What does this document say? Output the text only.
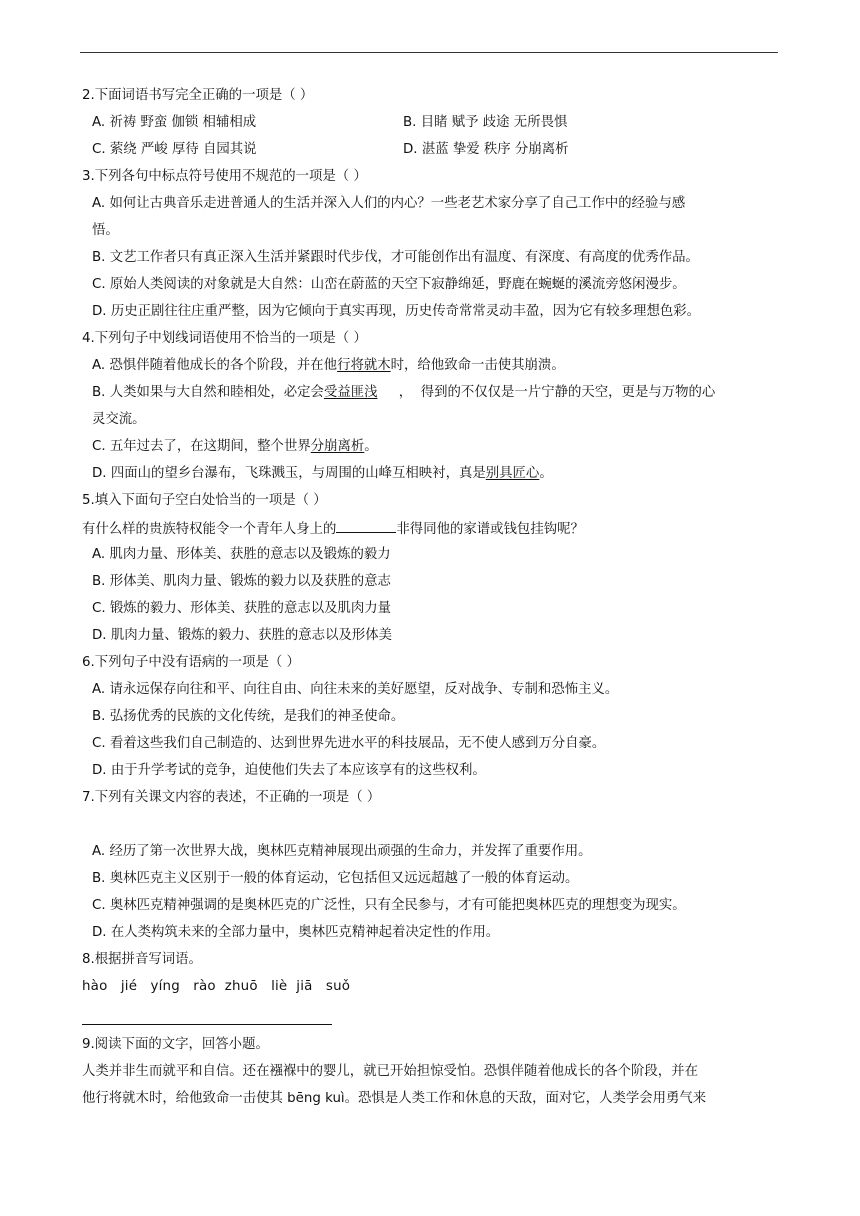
2.下面词语书写完全正确的一项是（ ）
A. 祈祷 野蛮 伽锁 相辅相成	B. 目睹 赋予 歧途 无所畏惧
C. 萦绕 严峻 厚待 自园其说	D. 湛蓝 挚爱 秩序 分崩离析
3.下列各句中标点符号使用不规范的一项是（ ）
A. 如何让古典音乐走进普通人的生活并深入人们的内心？一些老艺术家分享了自己工作中的经验与感
悟。
B. 文艺工作者只有真正深入生活并紧跟时代步伐，才可能创作出有温度、有深度、有高度的优秀作品。
C. 原始人类阅读的对象就是大自然：山峦在蔚蓝的天空下寂静绵延，野鹿在蜿蜒的溪流旁悠闲漫步。
D. 历史正剧往往庄重严整，因为它倾向于真实再现，历史传奇常常灵动丰盈，因为它有较多理想色彩。
4.下列句子中划线词语使用不恰当的一项是（ ）
A. 恐惧伴随着他成长的各个阶段，并在他行将就木时，给他致命一击使其崩溃。
B. 人类如果与大自然和睦相处，必定会受益匪浅     ，  得到的不仅仅是一片宁静的天空，更是与万物的心
灵交流。
C. 五年过去了，在这期间，整个世界分崩离析。
D. 四面山的望乡台瀑布，飞珠溅玉，与周围的山峰互相映衬，真是别具匠心。
5.填入下面句子空白处恰当的一项是（ ）
有什么样的贵族特权能令一个青年人身上的	非得同他的家谱或钱包挂钩呢？
A. 肌肉力量、形体美、获胜的意志以及锻炼的毅力
B. 形体美、肌肉力量、锻炼的毅力以及获胜的意志
C. 锻炼的毅力、形体美、获胜的意志以及肌肉力量
D. 肌肉力量、锻炼的毅力、获胜的意志以及形体美
6.下列句子中没有语病的一项是（ ）
A. 请永远保存向往和平、向往自由、向往未来的美好愿望，反对战争、专制和恐怖主义。
B. 弘扬优秀的民族的文化传统，是我们的神圣使命。
C. 看着这些我们自己制造的、达到世界先进水平的科技展品，无不使人感到万分自豪。
D. 由于升学考试的竞争，迫使他们失去了本应该享有的这些权利。
7.下列有关课文内容的表述，不正确的一项是（ ）
A. 经历了第一次世界大战，奥林匹克精神展现出顽强的生命力，并发挥了重要作用。
B. 奥林匹克主义区别于一般的体育运动，它包括但又远远超越了一般的体育运动。
C. 奥林匹克精神强调的是奥林匹克的广泛性，只有全民参与，才有可能把奥林匹克的理想变为现实。
D. 在人类构筑未来的全部力量中，奥林匹克精神起着决定性的作用。
8.根据拼音写词语。
hào   jié   yíng   rào  zhuō   liè  jiā   suǒ
9.阅读下面的文字，回答小题。
人类并非生而就平和自信。还在襁褓中的婴儿，就已开始担惊受怕。恐惧伴随着他成长的各个阶段，并在
他行将就木时，给他致命一击使其 bēng kuì。恐惧是人类工作和休息的天敌，面对它，人类学会用勇气来
